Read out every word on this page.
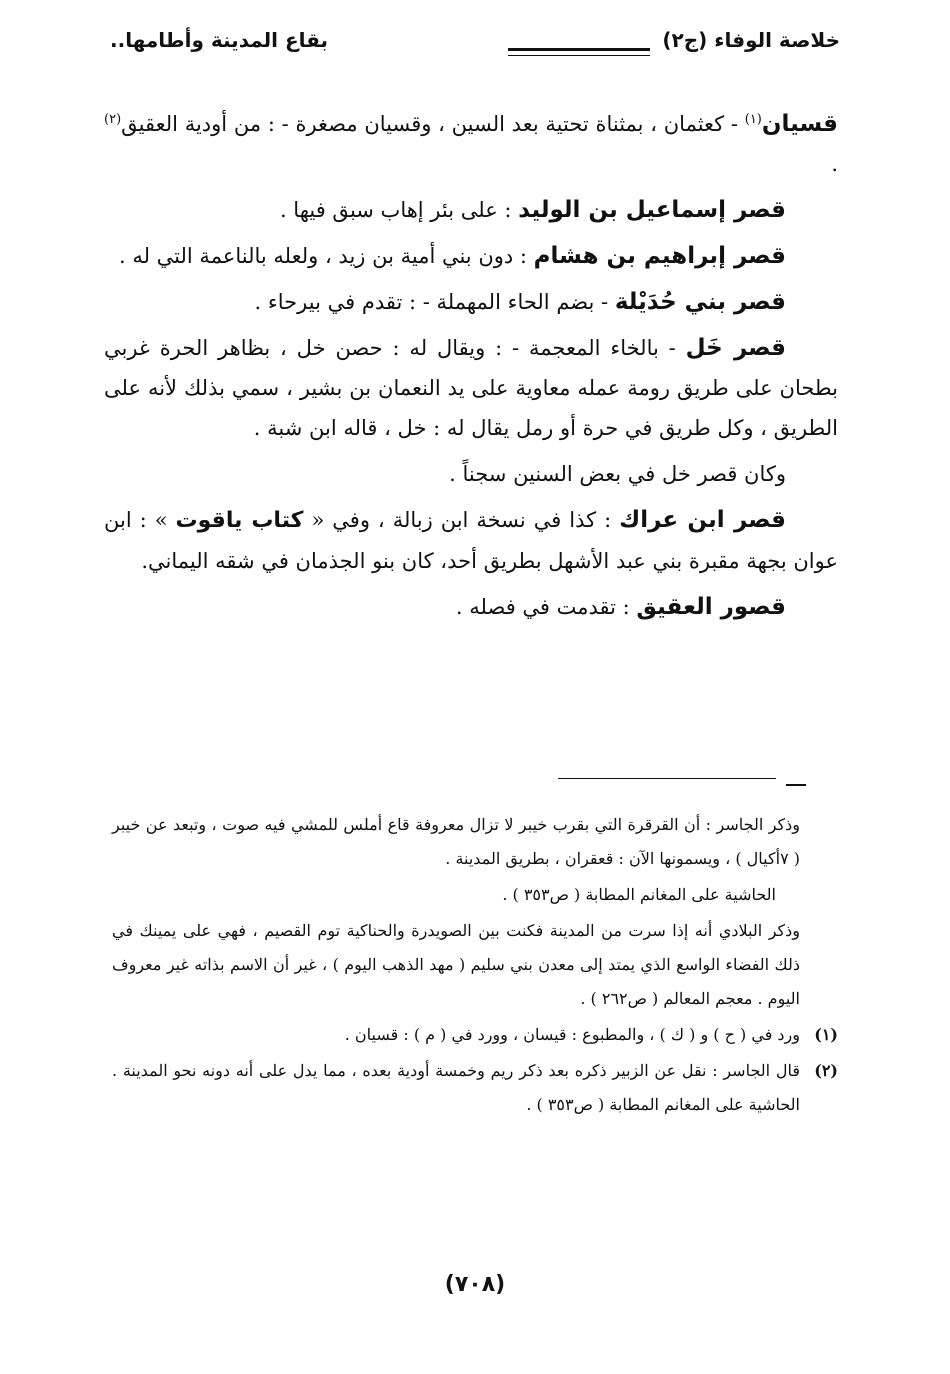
خلاصة الوفاء (ج٢)
بقاع المدينة وأطامها..

قسيان$^{(١)}$ - كعثمان ، بمثناة تحتية بعد السين ، وقسيان مصغرة - : من أودية العقيق$^{(٢)}$ .

قصر إسماعيل بن الوليد : على بئر إهاب سبق فيها .

قصر إبراهيم بن هشام : دون بني أمية بن زيد ، ولعله بالناعمة التي له .

قصر بني حُدَيْلة - بضم الحاء المهملة - : تقدم في بيرحاء .

قصر خَل - بالخاء المعجمة - : ويقال له : حصن خل ، بظاهر الحرة غربي بطحان على طريق رومة عمله معاوية على يد النعمان بن بشير ، سمي بذلك لأنه على الطريق ، وكل طريق في حرة أو رمل يقال له : خل ، قاله ابن شبة .

وكان قصر خل في بعض السنين سجناً .

قصر ابن عراك : كذا في نسخة ابن زبالة ، وفي « كتاب ياقوت » : ابن عوان بجهة مقبرة بني عبد الأشهل بطريق أحد، كان بنو الجذمان في شقه اليماني.

قصور العقيق : تقدمت في فصله .

وذكر الجاسر : أن القرقرة التي بقرب خيبر لا تزال معروفة قاع أملس للمشي فيه صوت ، وتبعد عن خيبر ( ٧أكيال ) ، ويسمونها الآن : قعقران ، بطريق المدينة .

الحاشية على المغانم المطابة ( ص٣٥٣ ) .

وذكر البلادي أنه إذا سرت من المدينة فكنت بين الصويدرة والحناكية توم القصيم ، فهي على يمينك في ذلك الفضاء الواسع الذي يمتد إلى معدن بني سليم ( مهد الذهب اليوم ) ، غير أن الاسم بذاته غير معروف اليوم . معجم المعالم ( ص٢٦٢ ) .

(١)
ورد في ( ح ) و ( ك ) ، والمطبوع : قيسان ، وورد في ( م ) : قسيان .
(٢)
قال الجاسر : نقل عن الزبير ذكره بعد ذكر ريم وخمسة أودية بعده ، مما يدل على أنه دونه نحو المدينة . الحاشية على المغانم المطابة ( ص٣٥٣ ) .
(٧٠٨)
